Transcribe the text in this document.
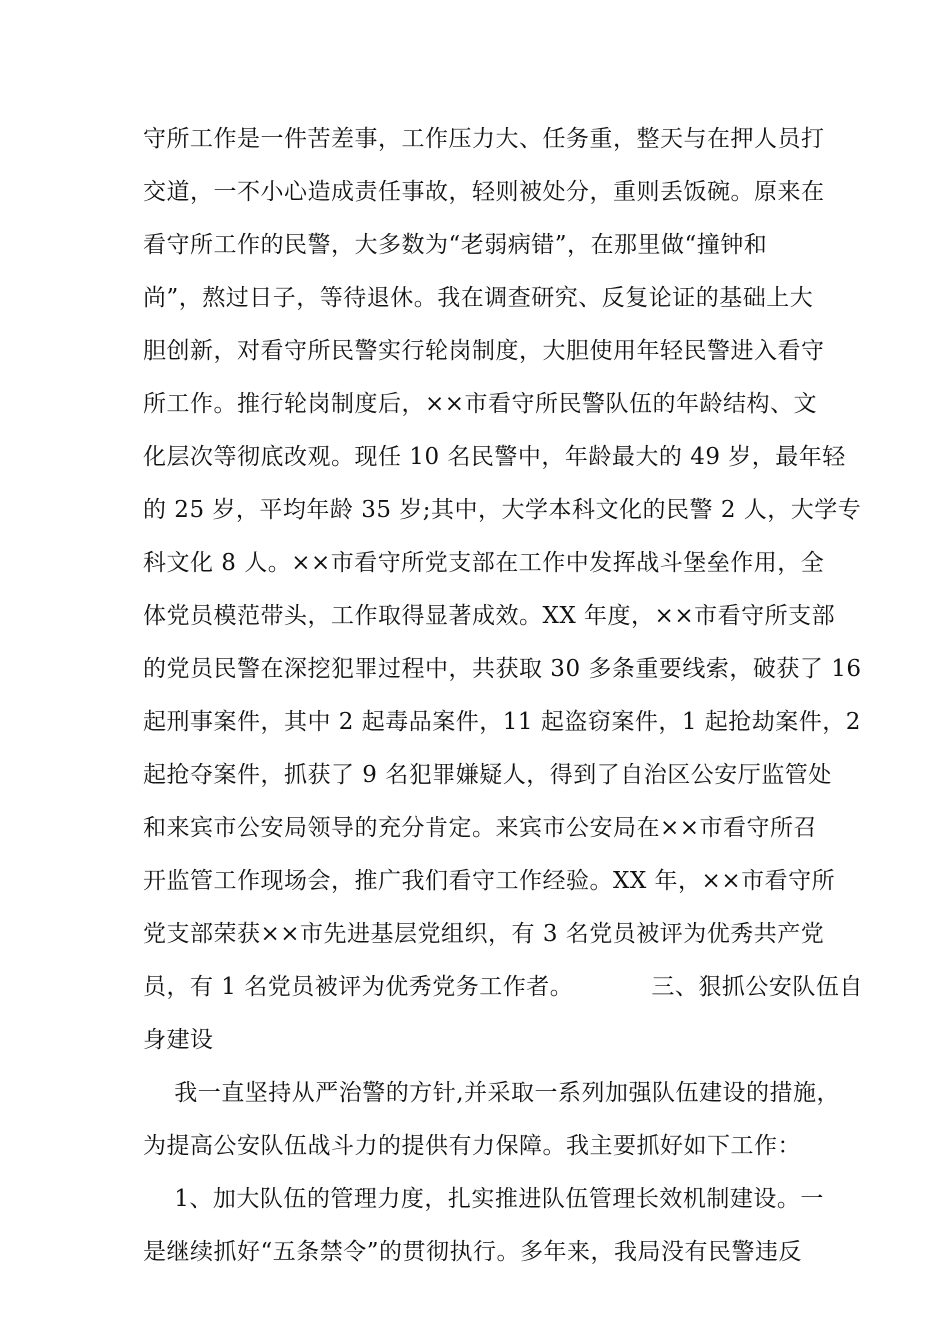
守所工作是一件苦差事，工作压力大、任务重，整天与在押人员打

交道，一不小心造成责任事故，轻则被处分，重则丢饭碗。原来在

看守所工作的民警，大多数为“老弱病错”，在那里做“撞钟和

尚”，熬过日子，等待退休。我在调查研究、反复论证的基础上大

胆创新，对看守所民警实行轮岗制度，大胆使用年轻民警进入看守

所工作。推行轮岗制度后，××市看守所民警队伍的年龄结构、文

化层次等彻底改观。现任 10 名民警中，年龄最大的 49 岁，最年轻

的 25 岁，平均年龄 35 岁;其中，大学本科文化的民警 2 人，大学专

科文化 8 人。××市看守所党支部在工作中发挥战斗堡垒作用，全

体党员模范带头，工作取得显著成效。XX 年度，××市看守所支部

的党员民警在深挖犯罪过程中，共获取 30 多条重要线索，破获了 16

起刑事案件，其中 2 起毒品案件，11 起盗窃案件，1 起抢劫案件，2

起抢夺案件，抓获了 9 名犯罪嫌疑人，得到了自治区公安厅监管处

和来宾市公安局领导的充分肯定。来宾市公安局在××市看守所召

开监管工作现场会，推广我们看守工作经验。XX 年，××市看守所

党支部荣获××市先进基层党组织，有 3 名党员被评为优秀共产党

员，有 1 名党员被评为优秀党务工作者。          三、狠抓公安队伍自

身建设

我一直坚持从严治警的方针,并采取一系列加强队伍建设的措施，

为提高公安队伍战斗力的提供有力保障。我主要抓好如下工作：

1、加大队伍的管理力度，扎实推进队伍管理长效机制建设。一

是继续抓好“五条禁令”的贯彻执行。多年来，我局没有民警违反
